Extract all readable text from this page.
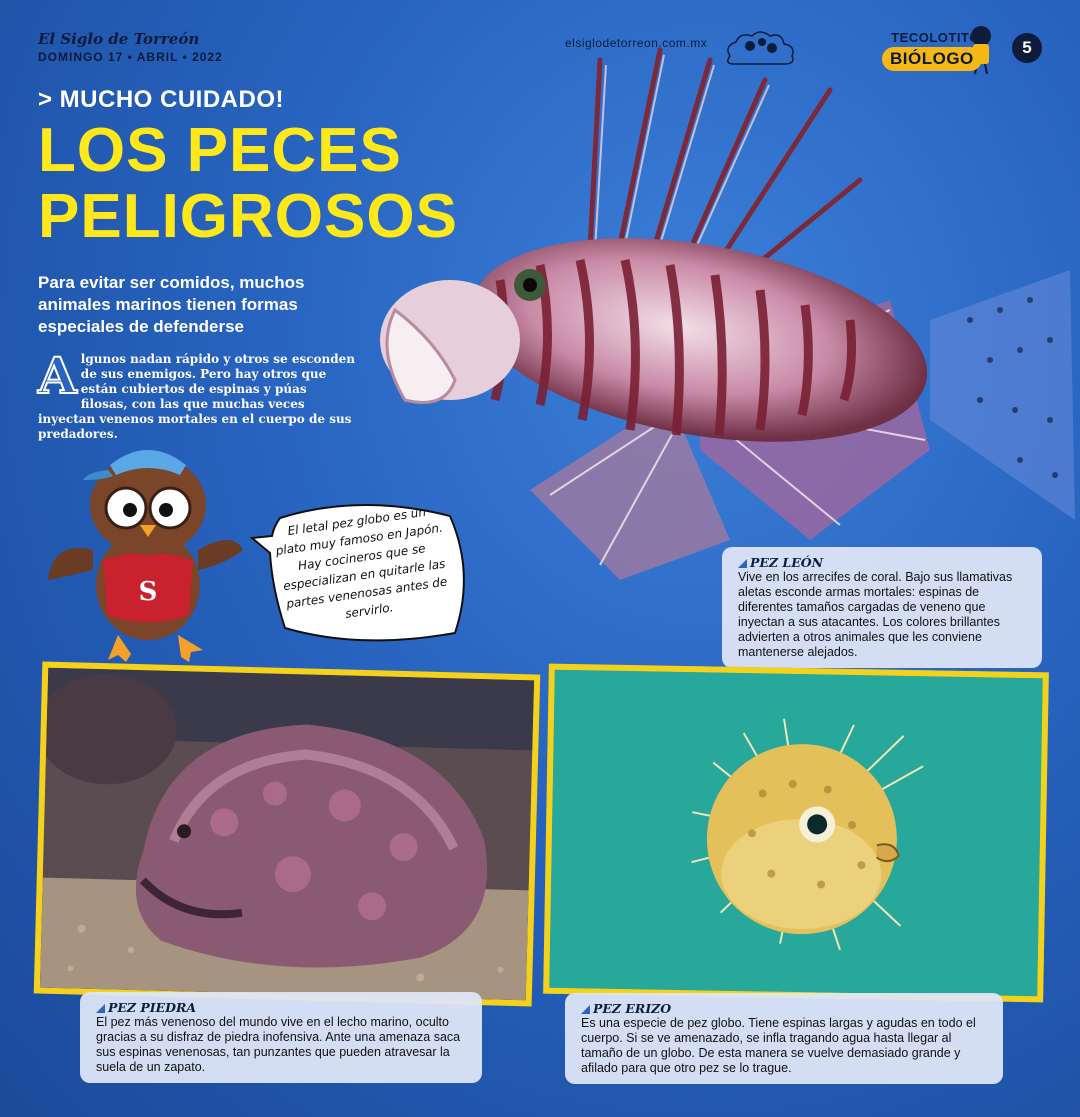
El Siglo de Torreón
DOMINGO 17 • ABRIL • 2022
elsiglodetorreon.com.mx	TECOLOTITO
BIÓLOGO
5
> MUCHO CUIDADO!
LOS PECES
PELIGROSOS
Para evitar ser comidos, muchos animales marinos tienen formas especiales de defenderse
Algunos nadan rápido y otros se esconden de sus enemigos. Pero hay otros que están cubiertos de espinas y púas filosas, con las que muchas veces inyectan venenos mortales en el cuerpo de sus predadores.
S
El letal pez globo es un plato muy famoso en Japón. Hay cocineros que se especializan en quitarle las partes venenosas antes de servirlo.
PEZ LEÓN
Vive en los arrecifes de coral. Bajo sus llamativas aletas esconde armas mortales: espinas de diferentes tamaños cargadas de veneno que inyectan a sus atacantes. Los colores brillantes advierten a otros animales que les conviene mantenerse alejados.
PEZ PIEDRA
El pez más venenoso del mundo vive en el lecho marino, oculto gracias a su disfraz de piedra inofensiva. Ante una amenaza saca sus espinas venenosas, tan punzantes que pueden atravesar la suela de un zapato.
PEZ ERIZO
Es una especie de pez globo. Tiene espinas largas y agudas en todo el cuerpo. Si se ve amenazado, se infla tragando agua hasta llegar al tamaño de un globo. De esta manera se vuelve demasiado grande y afilado para que otro pez se lo trague.
